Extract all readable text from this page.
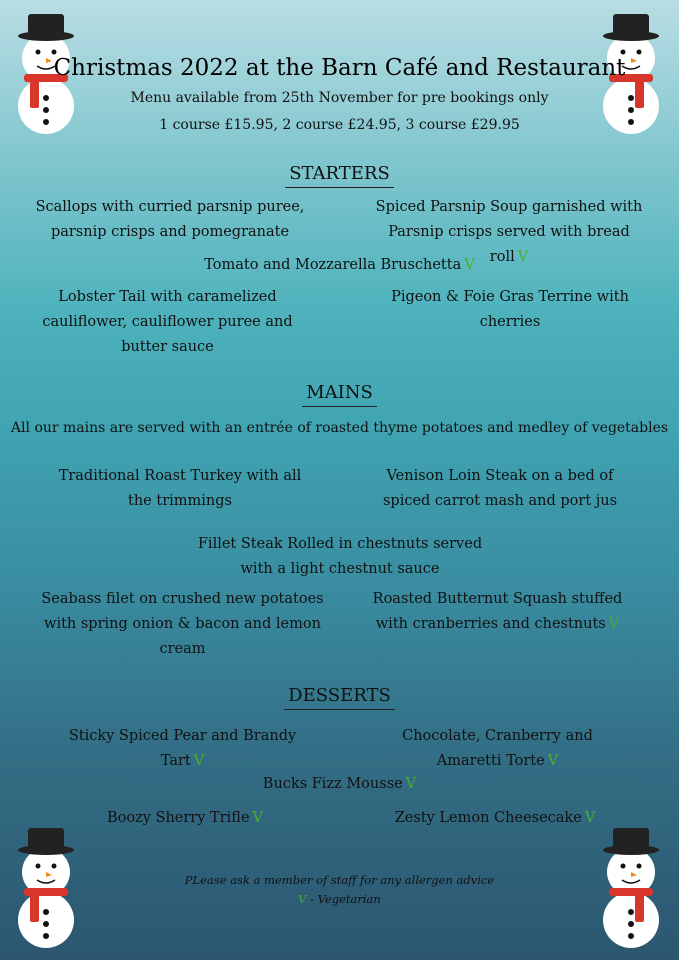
Christmas 2022 at the Barn Café and Restaurant
Menu available from 25th November for pre bookings only
1 course £15.95, 2 course £24.95, 3 course £29.95
STARTERS
Scallops with curried parsnip puree, parsnip crisps and pomegranate
Spiced Parsnip Soup garnished with Parsnip crisps served with bread roll V
Tomato and Mozzarella Bruschetta V
Lobster Tail with caramelized cauliflower, cauliflower puree and butter sauce
Pigeon & Foie Gras Terrine with cherries
MAINS
All our mains are served with an entrée of roasted thyme potatoes and medley of vegetables
Traditional Roast Turkey with all the trimmings
Venison Loin Steak on a bed of spiced carrot mash and port jus
Fillet Steak Rolled in chestnuts served with a light chestnut sauce
Seabass filet on crushed new potatoes with spring onion & bacon and lemon cream
Roasted Butternut Squash stuffed with cranberries and chestnuts V
DESSERTS
Sticky Spiced Pear and Brandy Tart V
Chocolate, Cranberry and Amaretti Torte V
Bucks Fizz Mousse V
Boozy Sherry Trifle V	Zesty Lemon Cheesecake V
PLease ask a member of staff for any allergen advice
V - Vegetarian
